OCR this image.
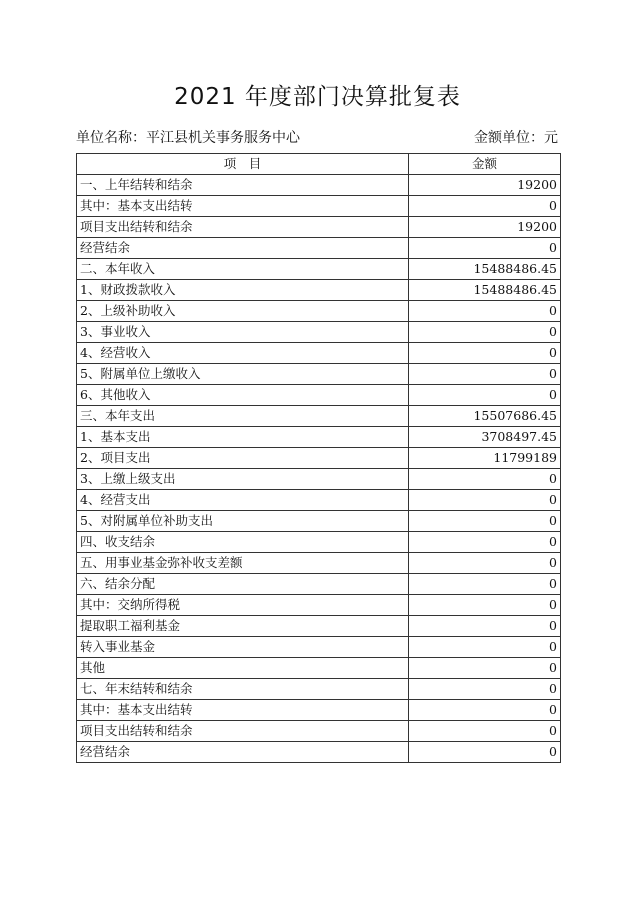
2021 年度部门决算批复表
单位名称：平江县机关事务服务中心	金额单位：元
项　目	金额
一、上年结转和结余	19200
其中：基本支出结转	0
项目支出结转和结余	19200
经营结余	0
二、本年收入	15488486.45
1、财政拨款收入	15488486.45
2、上级补助收入	0
3、事业收入	0
4、经营收入	0
5、附属单位上缴收入	0
6、其他收入	0
三、本年支出	15507686.45
1、基本支出	3708497.45
2、项目支出	11799189
3、上缴上级支出	0
4、经营支出	0
5、对附属单位补助支出	0
四、收支结余	0
五、用事业基金弥补收支差额	0
六、结余分配	0
其中：交纳所得税	0
提取职工福利基金	0
转入事业基金	0
其他	0
七、年末结转和结余	0
其中：基本支出结转	0
项目支出结转和结余	0
经营结余	0
